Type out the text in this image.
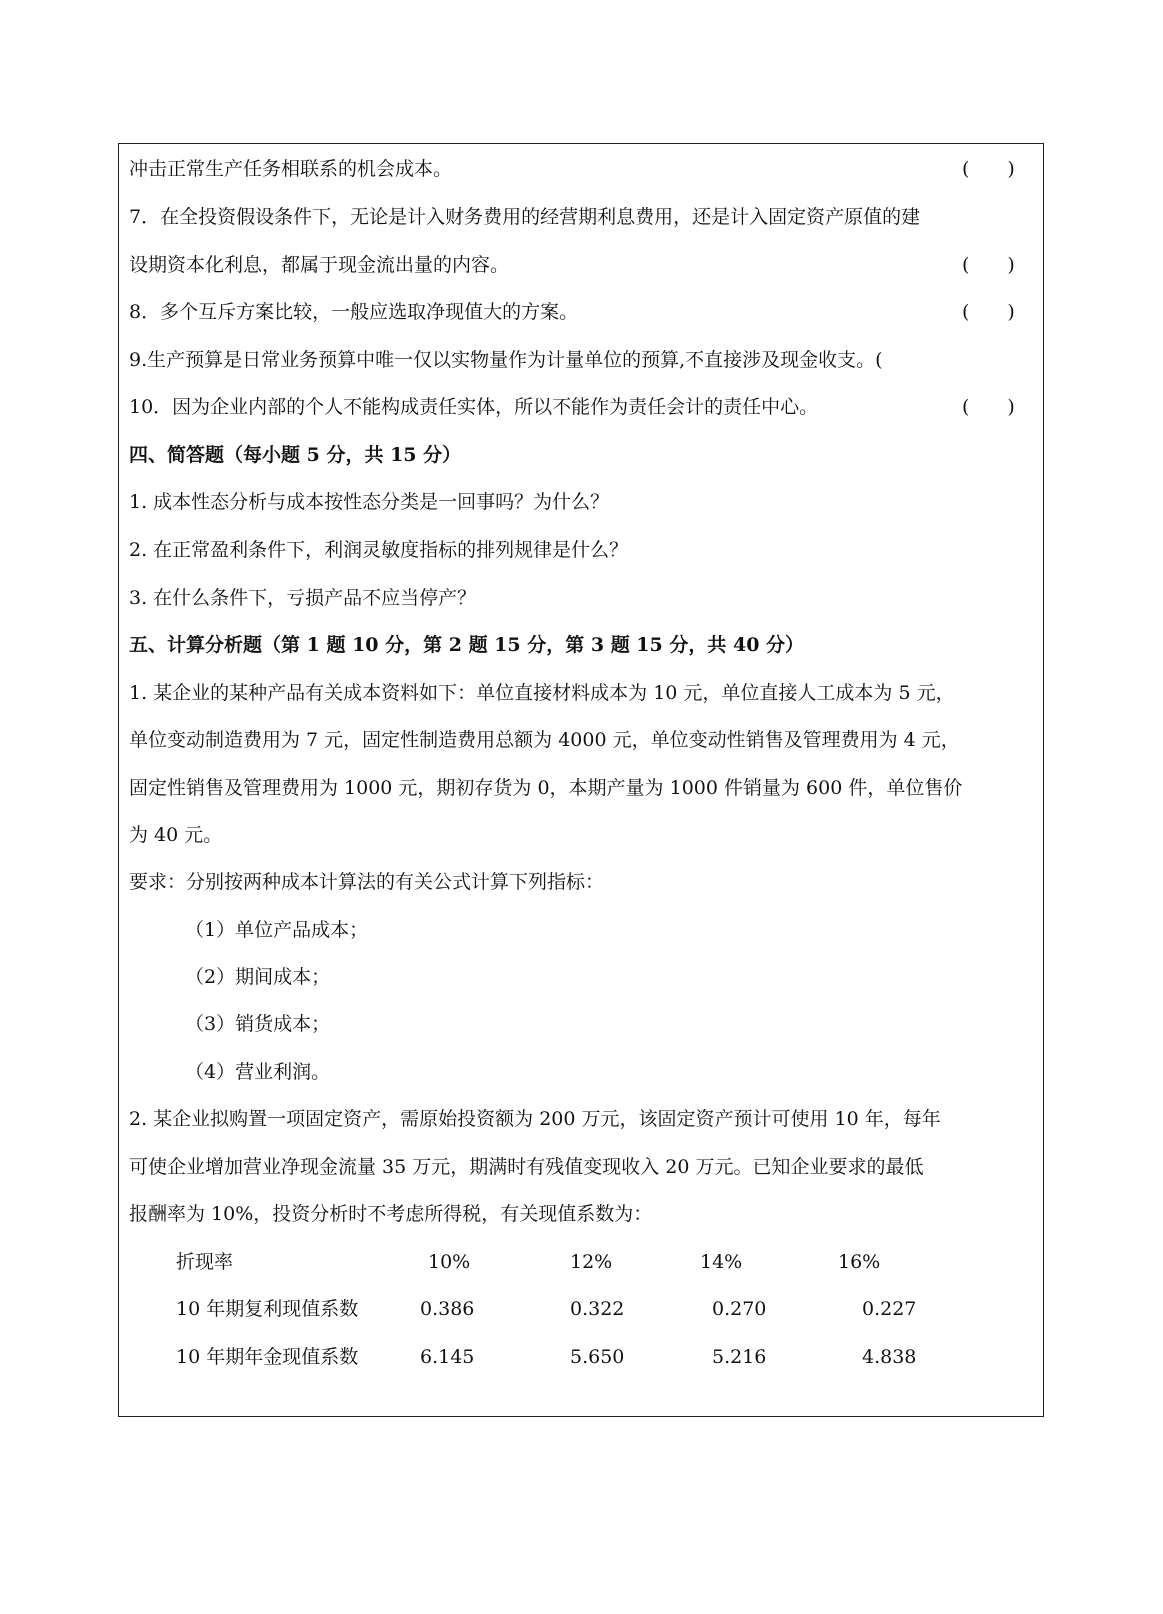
冲击正常生产任务相联系的机会成本。	(　　)
7．在全投资假设条件下，无论是计入财务费用的经营期利息费用，还是计入固定资产原值的建
设期资本化利息，都属于现金流出量的内容。	(　　)
8．多个互斥方案比较，一般应选取净现值大的方案。	(　　)
9.生产预算是日常业务预算中唯一仅以实物量作为计量单位的预算,不直接涉及现金收支。(
10．因为企业内部的个人不能构成责任实体，所以不能作为责任会计的责任中心。	(　　)
四、简答题（每小题 5 分，共 15 分）
1. 成本性态分析与成本按性态分类是一回事吗？为什么？
2. 在正常盈利条件下，利润灵敏度指标的排列规律是什么？
3. 在什么条件下，亏损产品不应当停产？
五、计算分析题（第 1 题 10 分，第 2 题 15 分，第 3 题 15 分，共 40 分）
1. 某企业的某种产品有关成本资料如下：单位直接材料成本为 10 元，单位直接人工成本为 5 元，
单位变动制造费用为 7 元，固定性制造费用总额为 4000 元，单位变动性销售及管理费用为 4 元，
固定性销售及管理费用为 1000 元，期初存货为 0，本期产量为 1000 件销量为 600 件，单位售价
为 40 元。
要求：分别按两种成本计算法的有关公式计算下列指标：
（1）单位产品成本；
（2）期间成本；
（3）销货成本；
（4）营业利润。
2. 某企业拟购置一项固定资产，需原始投资额为 200 万元，该固定资产预计可使用 10 年，每年
可使企业增加营业净现金流量 35 万元，期满时有残值变现收入 20 万元。已知企业要求的最低
报酬率为 10%，投资分析时不考虑所得税，有关现值系数为：
折现率	10%	12%	14%	16%
10 年期复利现值系数	0.386	0.322	0.270	0.227
10 年期年金现值系数	6.145	5.650	5.216	4.838
